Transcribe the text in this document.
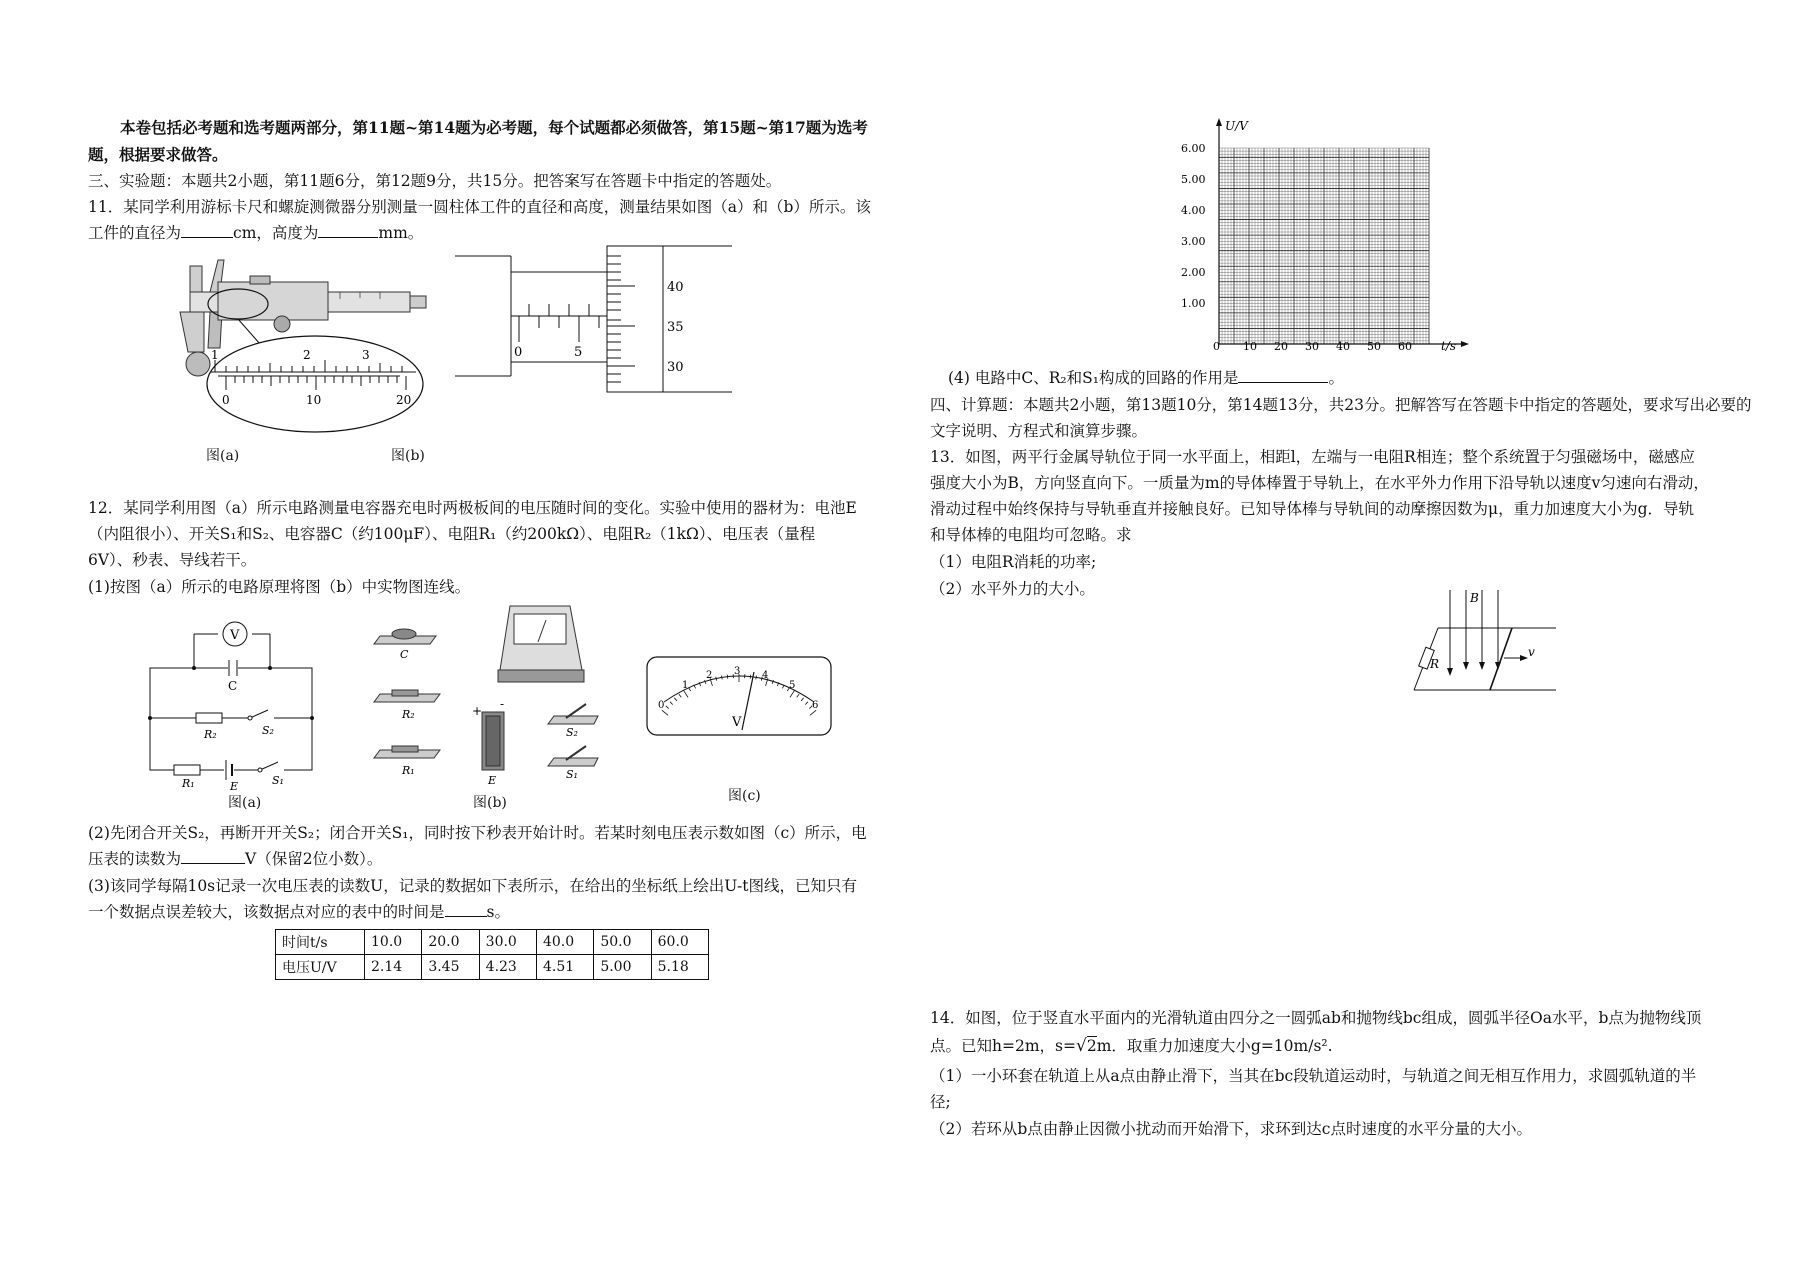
本卷包括必考题和选考题两部分，第11题~第14题为必考题，每个试题都必须做答，第15题~第17题为选考
题，根据要求做答。
三、实验题：本题共2小题，第11题6分，第12题9分，共15分。把答案写在答题卡中指定的答题处。
11．某同学利用游标卡尺和螺旋测微器分别测量一圆柱体工件的直径和高度，测量结果如图（a）和（b）所示。该
工件的直径为	cm，高度为	mm。
1	2	3
0	10	20
图(a)
0	5
40
35
30
图(b)
12．某同学利用图（a）所示电路测量电容器充电时两极板间的电压随时间的变化。实验中使用的器材为：电池E
（内阻很小）、开关S₁和S₂、电容器C（约100μF）、电阻R₁（约200kΩ）、电阻R₂（1kΩ）、电压表（量程
6V）、秒表、导线若干。
(1)按图（a）所示的电路原理将图（b）中实物图连线。
V
C
R₂	S₂
R₁	E	S₁
图(a)
C
R₂
R₁
+ -
E
S₂
S₁
图(b)
0
1
2 3 4
5
6
V
图(c)
(2)先闭合开关S₂，再断开开关S₂；闭合开关S₁，同时按下秒表开始计时。若某时刻电压表示数如图（c）所示，电
压表的读数为	V（保留2位小数）。
(3)该同学每隔10s记录一次电压表的读数U，记录的数据如下表所示，在给出的坐标纸上绘出U-t图线，已知只有
一个数据点误差较大，该数据点对应的表中的时间是	s。
时间t/s	10.0	20.0	30.0	40.0	50.0	60.0
电压U/V	2.14	3.45	4.23	4.51	5.00	5.18
U/V
t/s
6.00
5.00
4.00
3.00
2.00
1.00
0 10 20 30 40 50 60
(4) 电路中C、R₂和S₁构成的回路的作用是	。
四、计算题：本题共2小题，第13题10分，第14题13分，共23分。把解答写在答题卡中指定的答题处，要求写出必要的
文字说明、方程式和演算步骤。
13．如图，两平行金属导轨位于同一水平面上，相距l，左端与一电阻R相连；整个系统置于匀强磁场中，磁感应
强度大小为B，方向竖直向下。一质量为m的导体棒置于导轨上，在水平外力作用下沿导轨以速度v匀速向右滑动，
滑动过程中始终保持与导轨垂直并接触良好。已知导体棒与导轨间的动摩擦因数为μ，重力加速度大小为g．导轨
和导体棒的电阻均可忽略。求
（1）电阻R消耗的功率;
（2）水平外力的大小。
R
v
B
14．如图，位于竖直水平面内的光滑轨道由四分之一圆弧ab和抛物线bc组成，圆弧半径Oa水平，b点为抛物线顶
点。已知h=2m，s=√2m．取重力加速度大小g=10m/s².
（1）一小环套在轨道上从a点由静止滑下，当其在bc段轨道运动时，与轨道之间无相互作用力，求圆弧轨道的半
径;
（2）若环从b点由静止因微小扰动而开始滑下，求环到达c点时速度的水平分量的大小。
